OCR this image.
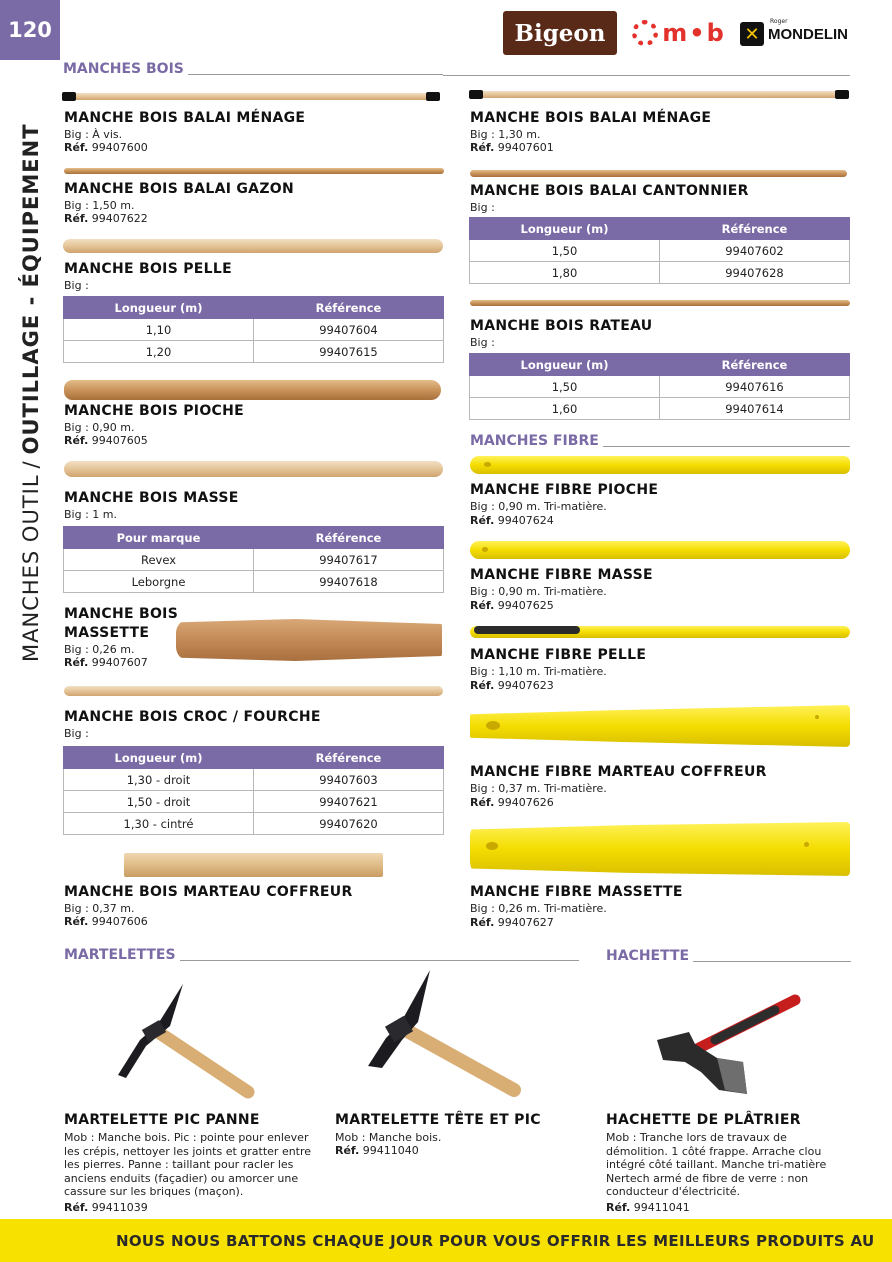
120
MANCHES OUTIL/OUTILLAGE - ÉQUIPEMENT
Bigeon m•b ✕
Roger
MONDELIN
MANCHES BOIS
MANCHE BOIS BALAI MÉNAGE
Big : À vis.
Réf. 99407600
MANCHE BOIS BALAI GAZON
Big : 1,50 m.
Réf. 99407622
MANCHE BOIS PELLE
Big :
Longueur (m)	Référence
1,10	99407604
1,20	99407615
MANCHE BOIS PIOCHE
Big : 0,90 m.
Réf. 99407605
MANCHE BOIS MASSE
Big : 1 m.
Pour marque	Référence
Revex	99407617
Leborgne	99407618
MANCHE BOIS
MASSETTE
Big : 0,26 m.
Réf. 99407607
MANCHE BOIS CROC / FOURCHE
Big :
Longueur (m)	Référence
1,30 - droit	99407603
1,50 - droit	99407621
1,30 - cintré	99407620
MANCHE BOIS MARTEAU COFFREUR
Big : 0,37 m.
Réf. 99407606
MANCHE BOIS BALAI MÉNAGE
Big : 1,30 m.
Réf. 99407601
MANCHE BOIS BALAI CANTONNIER
Big :
Longueur (m)	Référence
1,50	99407602
1,80	99407628
MANCHE BOIS RATEAU
Big :
Longueur (m)	Référence
1,50	99407616
1,60	99407614
MANCHES FIBRE
MANCHE FIBRE PIOCHE
Big : 0,90 m. Tri-matière.
Réf. 99407624
MANCHE FIBRE MASSE
Big : 0,90 m. Tri-matière.
Réf. 99407625
MANCHE FIBRE PELLE
Big : 1,10 m. Tri-matière.
Réf. 99407623
MANCHE FIBRE MARTEAU COFFREUR
Big : 0,37 m. Tri-matière.
Réf. 99407626
MANCHE FIBRE MASSETTE
Big : 0,26 m. Tri-matière.
Réf. 99407627
MARTELETTES	HACHETTE
MARTELETTE PIC PANNE
Mob : Manche bois. Pic : pointe pour enlever les crépis, nettoyer les joints et gratter entre les pierres. Panne : taillant pour racler les anciens enduits (façadier) ou amorcer une cassure sur les briques (maçon).
Réf. 99411039
MARTELETTE TÊTE ET PIC
Mob : Manche bois.
Réf. 99411040
HACHETTE DE PLÂTRIER
Mob : Tranche lors de travaux de démolition. 1 côté frappe. Arrache clou intégré côté taillant. Manche tri-matière Nertech armé de fibre de verre : non conducteur d'électricité.
Réf. 99411041
NOUS NOUS BATTONS CHAQUE JOUR POUR VOUS OFFRIR LES MEILLEURS PRODUITS AU
